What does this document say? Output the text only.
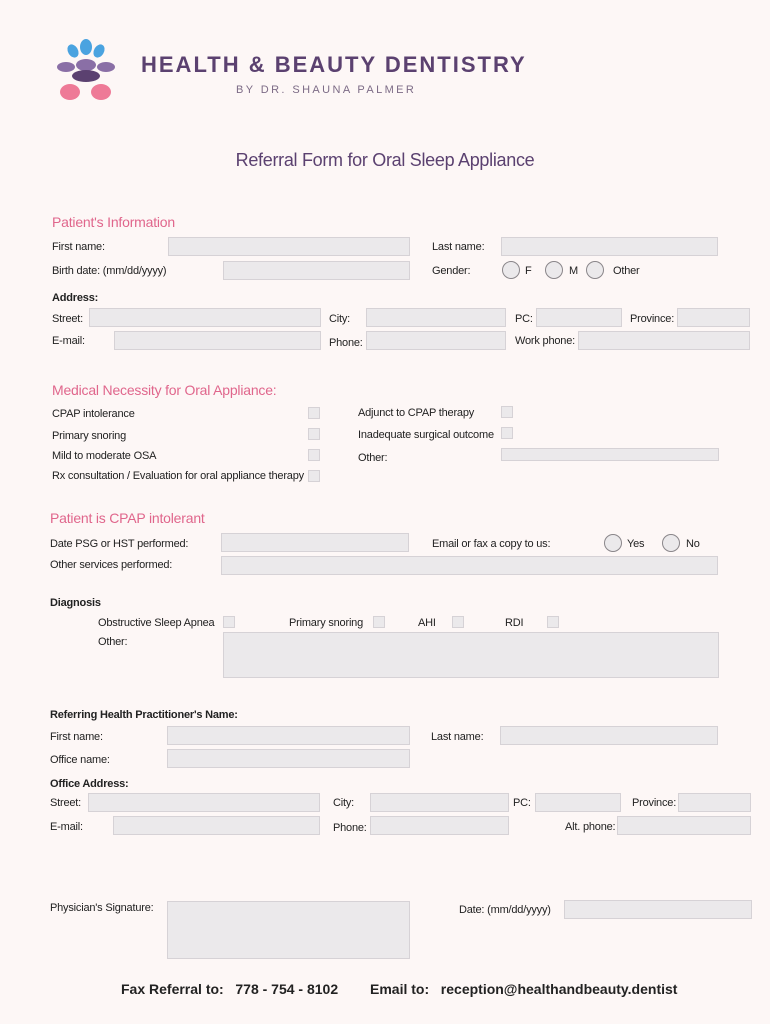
HEALTH & BEAUTY DENTISTRY
BY DR. SHAUNA PALMER
Referral Form for Oral Sleep Appliance
Patient's Information
First name:	Last name:
Birth date: (mm/dd/yyyy)	Gender:	F	M	Other
Address:
Street:	City:	PC:	Province:
E-mail:	Phone:	Work phone:
Medical Necessity for Oral Appliance:
CPAP intolerance
Primary snoring
Mild to moderate OSA
Rx consultation / Evaluation for oral appliance therapy
Adjunct to CPAP therapy
Inadequate surgical outcome
Other:
Patient is CPAP intolerant
Date PSG or HST performed:	Email or fax a copy to us:	Yes	No
Other services performed:
Diagnosis
Obstructive Sleep Apnea	Primary snoring	AHI	RDI
Other:
Referring Health Practitioner's Name:
First name:	Last name:
Office name:
Office Address:
Street:	City:	PC:	Province:
E-mail:	Phone:	Alt. phone:
Physician's Signature:	Date: (mm/dd/yyyy)
Fax Referral to: 778 - 754 - 8102 Email to: reception@healthandbeauty.dentist
